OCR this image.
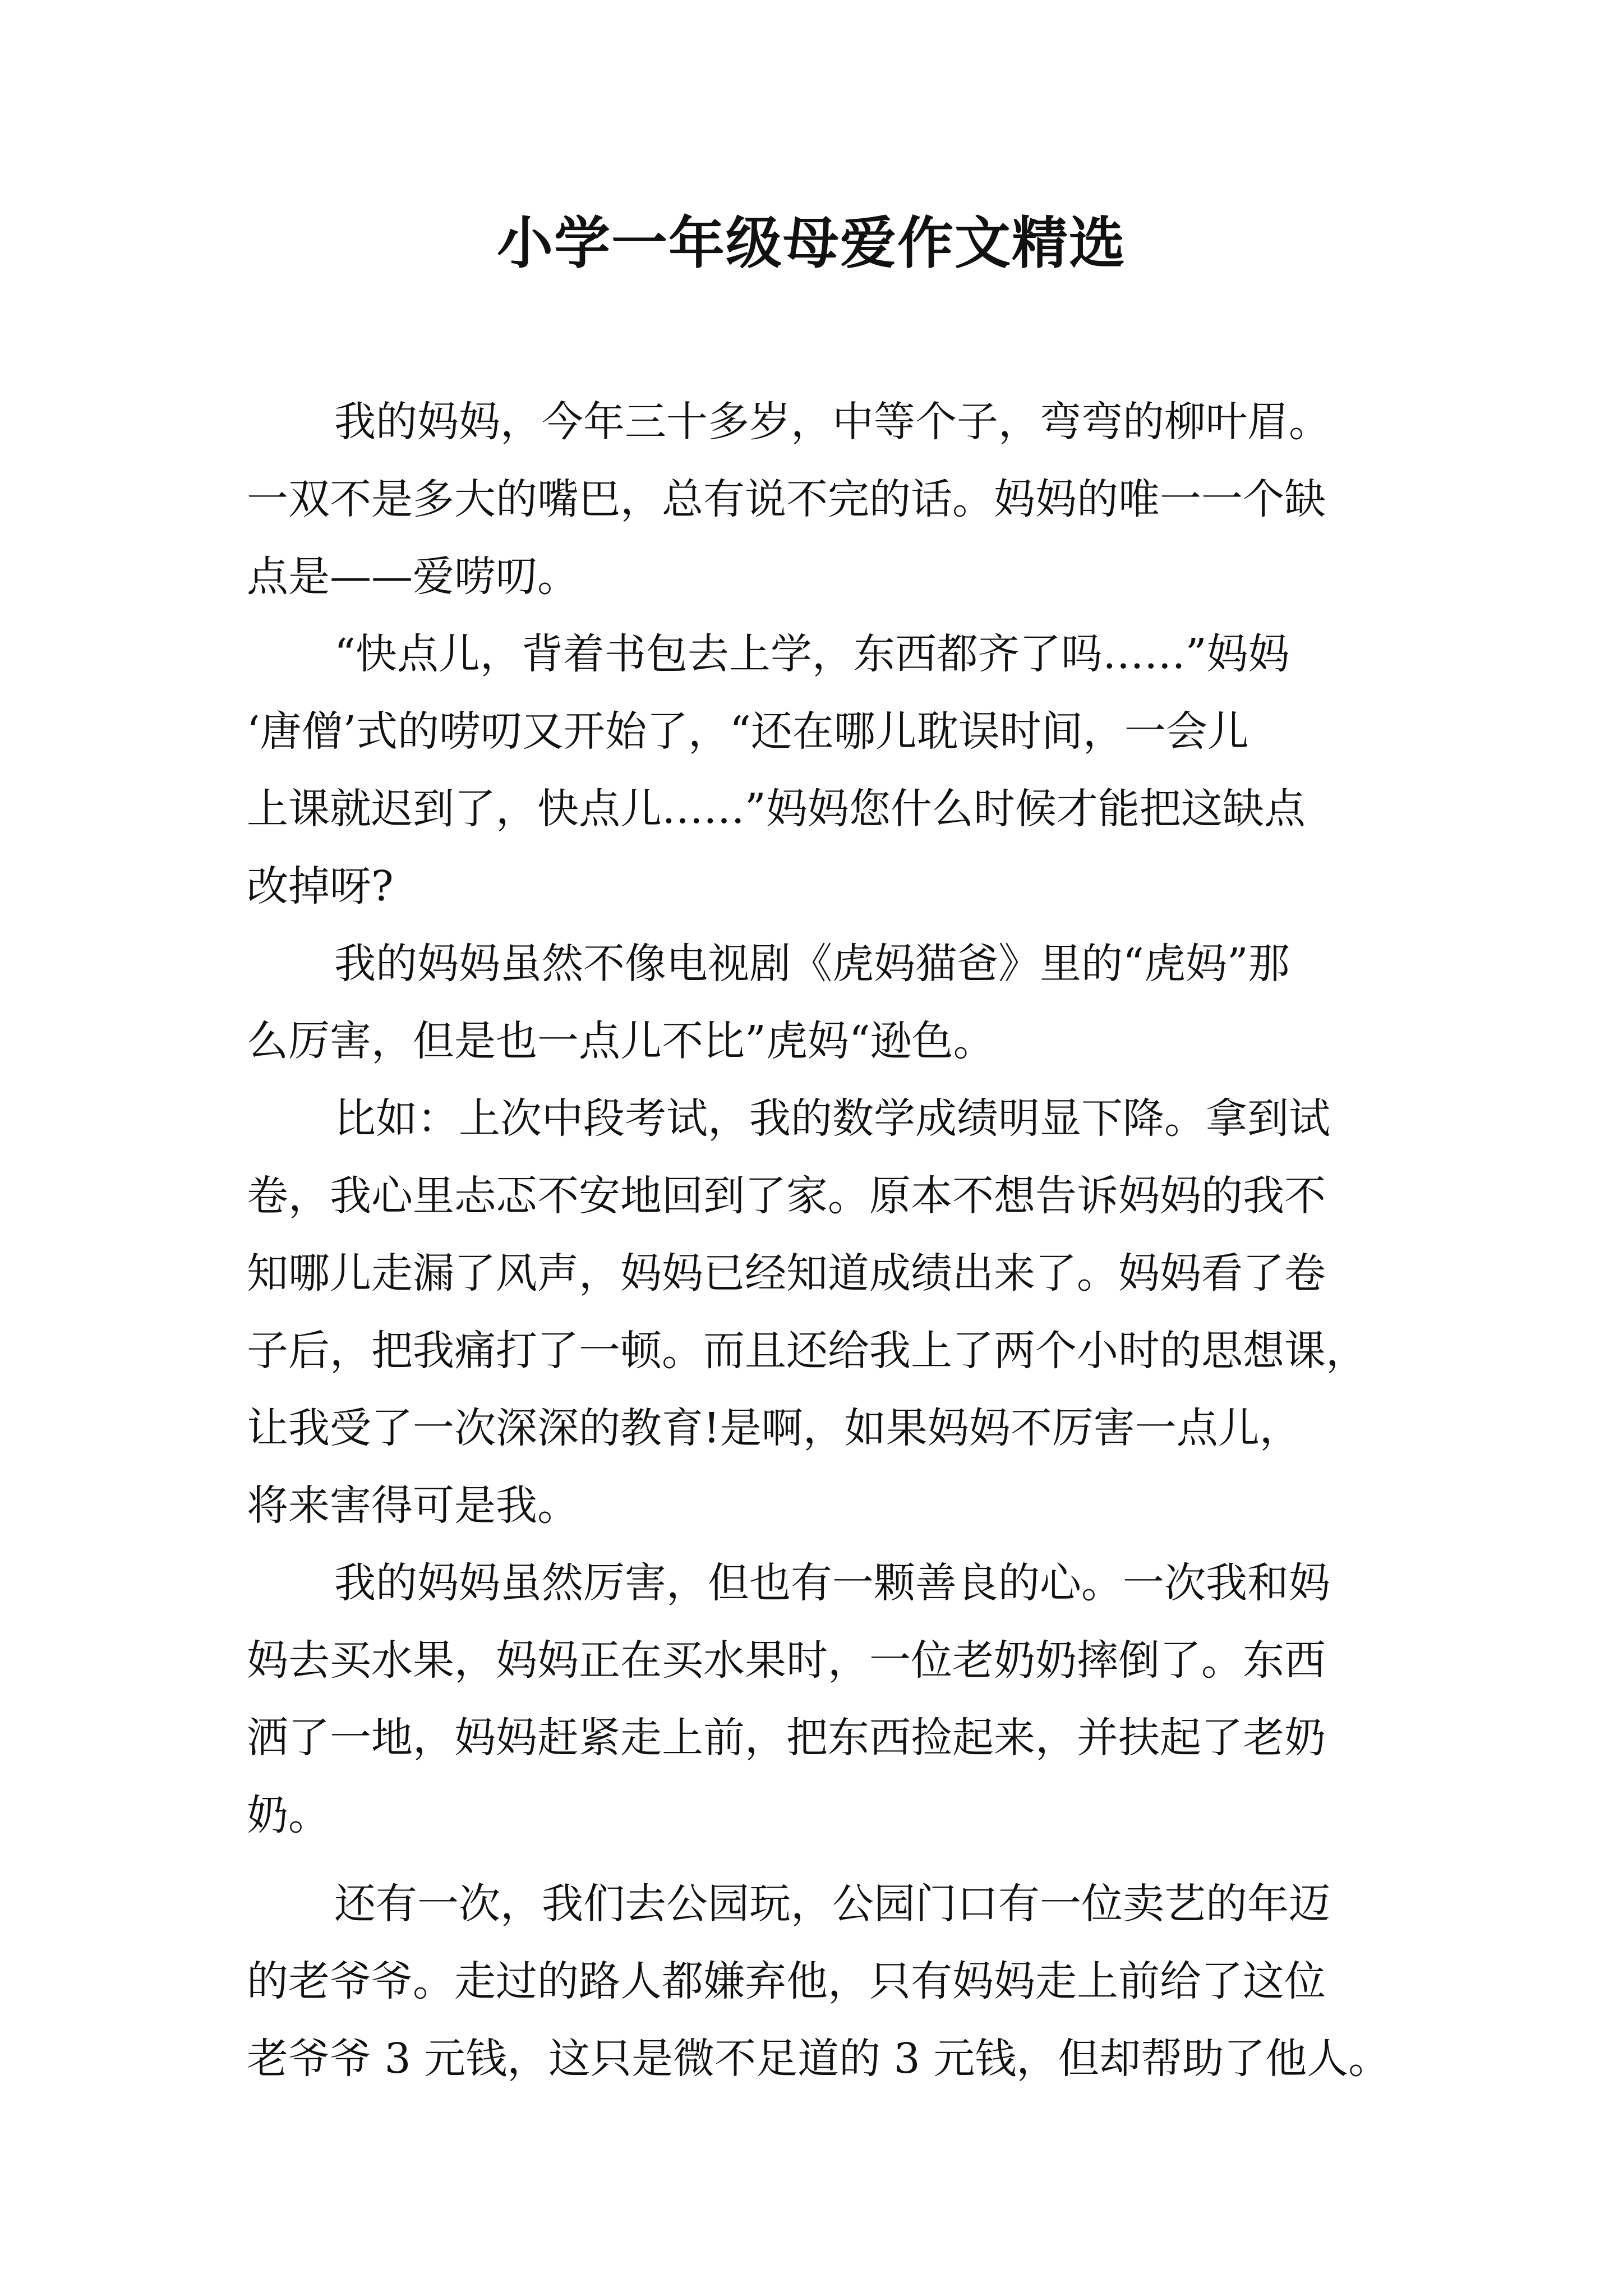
小学一年级母爱作文精选

我的妈妈，今年三十多岁，中等个子，弯弯的柳叶眉。

一双不是多大的嘴巴，总有说不完的话。妈妈的唯一一个缺

点是——爱唠叨。

“快点儿，背着书包去上学，东西都齐了吗……”妈妈

‘唐僧’式的唠叨又开始了，“还在哪儿耽误时间，一会儿

上课就迟到了，快点儿……”妈妈您什么时候才能把这缺点

改掉呀?

我的妈妈虽然不像电视剧《虎妈猫爸》里的“虎妈”那

么厉害，但是也一点儿不比”虎妈“逊色。

比如：上次中段考试，我的数学成绩明显下降。拿到试

卷，我心里忐忑不安地回到了家。原本不想告诉妈妈的我不

知哪儿走漏了风声，妈妈已经知道成绩出来了。妈妈看了卷

子后，把我痛打了一顿。而且还给我上了两个小时的思想课，

让我受了一次深深的教育!是啊，如果妈妈不厉害一点儿，

将来害得可是我。

我的妈妈虽然厉害，但也有一颗善良的心。一次我和妈

妈去买水果，妈妈正在买水果时，一位老奶奶摔倒了。东西

洒了一地，妈妈赶紧走上前，把东西捡起来，并扶起了老奶

奶。

还有一次，我们去公园玩，公园门口有一位卖艺的年迈

的老爷爷。走过的路人都嫌弃他，只有妈妈走上前给了这位

老爷爷 3 元钱，这只是微不足道的 3 元钱，但却帮助了他人。
